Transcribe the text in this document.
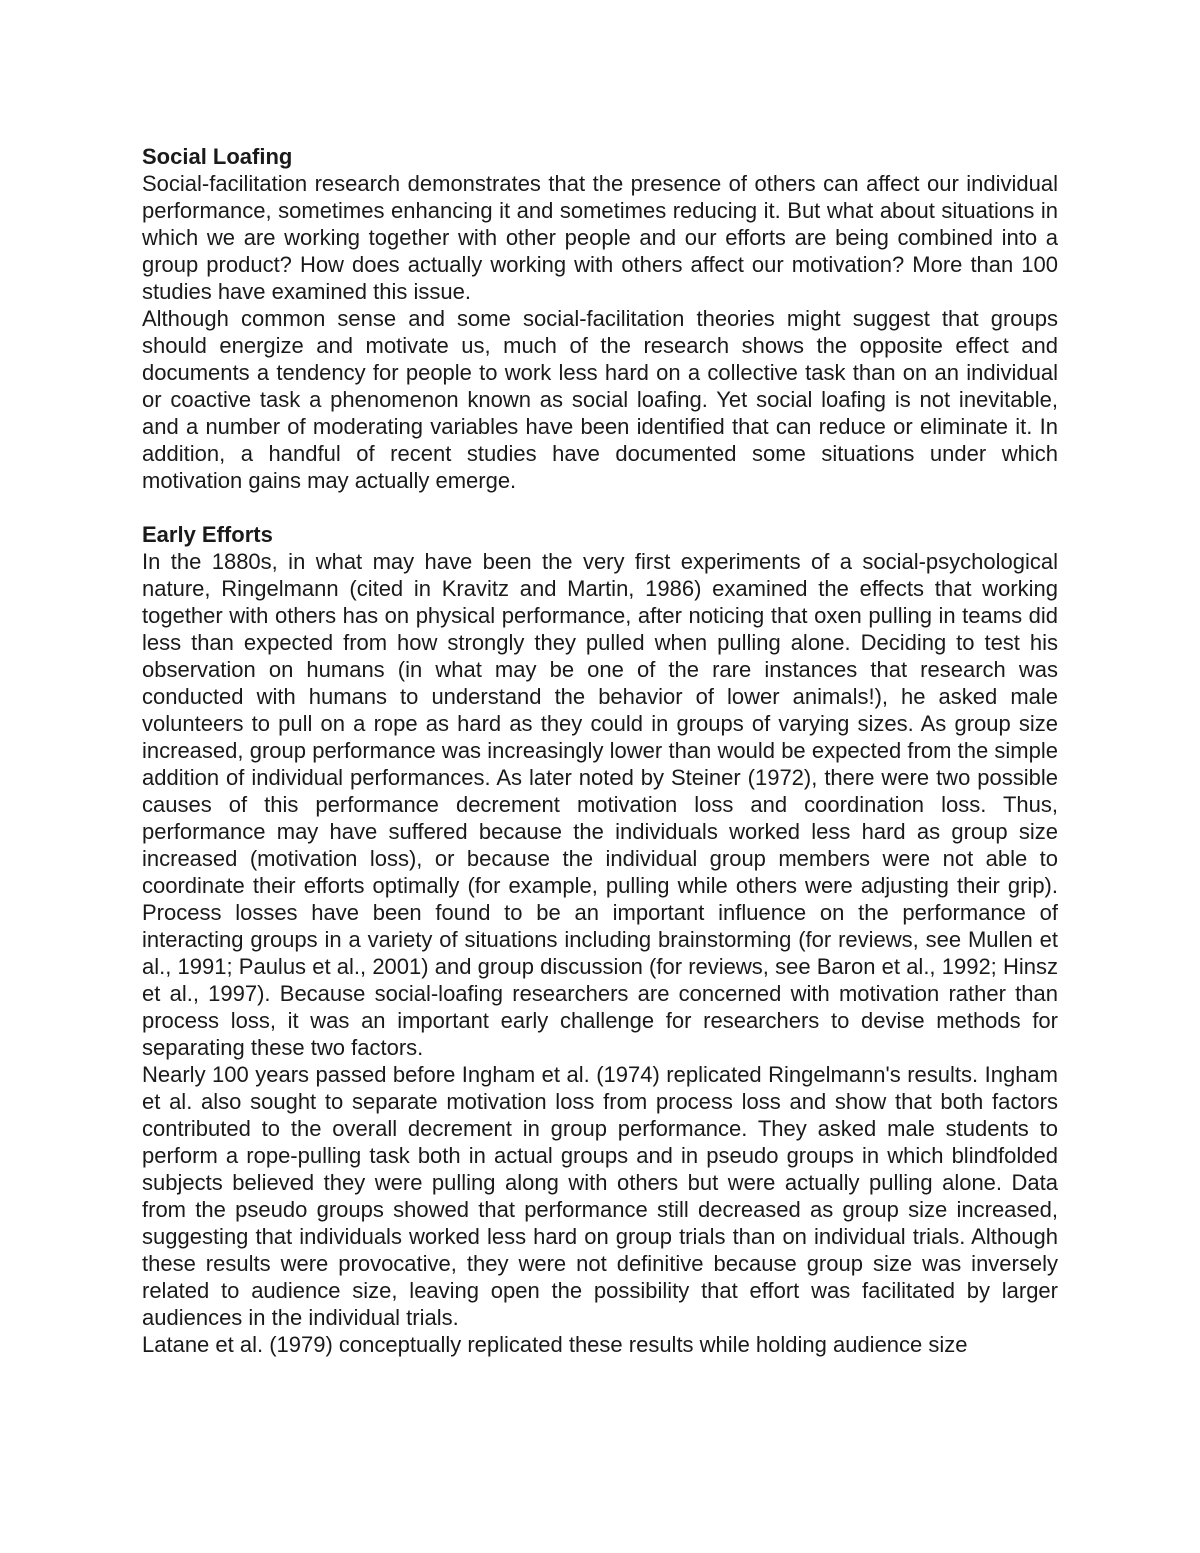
Social Loafing

Social-facilitation research demonstrates that the presence of others can affect our individual performance, sometimes enhancing it and sometimes reducing it. But what about situations in which we are working together with other people and our efforts are being combined into a group product? How does actually working with others affect our motivation? More than 100 studies have examined this issue.

Although common sense and some social-facilitation theories might suggest that groups should energize and motivate us, much of the research shows the opposite effect and documents a tendency for people to work less hard on a collective task than on an individual or coactive task a phenomenon known as social loafing. Yet social loafing is not inevitable, and a number of moderating variables have been identified that can reduce or eliminate it. In addition, a handful of recent studies have documented some situations under which motivation gains may actually emerge.

Early Efforts

In the 1880s, in what may have been the very first experiments of a social-psychological nature, Ringelmann (cited in Kravitz and Martin, 1986) examined the effects that working together with others has on physical performance, after noticing that oxen pulling in teams did less than expected from how strongly they pulled when pulling alone. Deciding to test his observation on humans (in what may be one of the rare instances that research was conducted with humans to understand the behavior of lower animals!), he asked male volunteers to pull on a rope as hard as they could in groups of varying sizes. As group size increased, group performance was increasingly lower than would be expected from the simple addition of individual performances. As later noted by Steiner (1972), there were two possible causes of this performance decrement motivation loss and coordination loss. Thus, performance may have suffered because the individuals worked less hard as group size increased (motivation loss), or because the individual group members were not able to coordinate their efforts optimally (for example, pulling while others were adjusting their grip). Process losses have been found to be an important influence on the performance of interacting groups in a variety of situations including brainstorming (for reviews, see Mullen et al., 1991; Paulus et al., 2001) and group discussion (for reviews, see Baron et al., 1992; Hinsz et al., 1997). Because social-loafing researchers are concerned with motivation rather than process loss, it was an important early challenge for researchers to devise methods for separating these two factors.

Nearly 100 years passed before Ingham et al. (1974) replicated Ringelmann's results. Ingham et al. also sought to separate motivation loss from process loss and show that both factors contributed to the overall decrement in group performance. They asked male students to perform a rope-pulling task both in actual groups and in pseudo groups in which blindfolded subjects believed they were pulling along with others but were actually pulling alone. Data from the pseudo groups showed that performance still decreased as group size increased, suggesting that individuals worked less hard on group trials than on individual trials. Although these results were provocative, they were not definitive because group size was inversely related to audience size, leaving open the possibility that effort was facilitated by larger audiences in the individual trials.

Latane et al. (1979) conceptually replicated these results while holding audience size
